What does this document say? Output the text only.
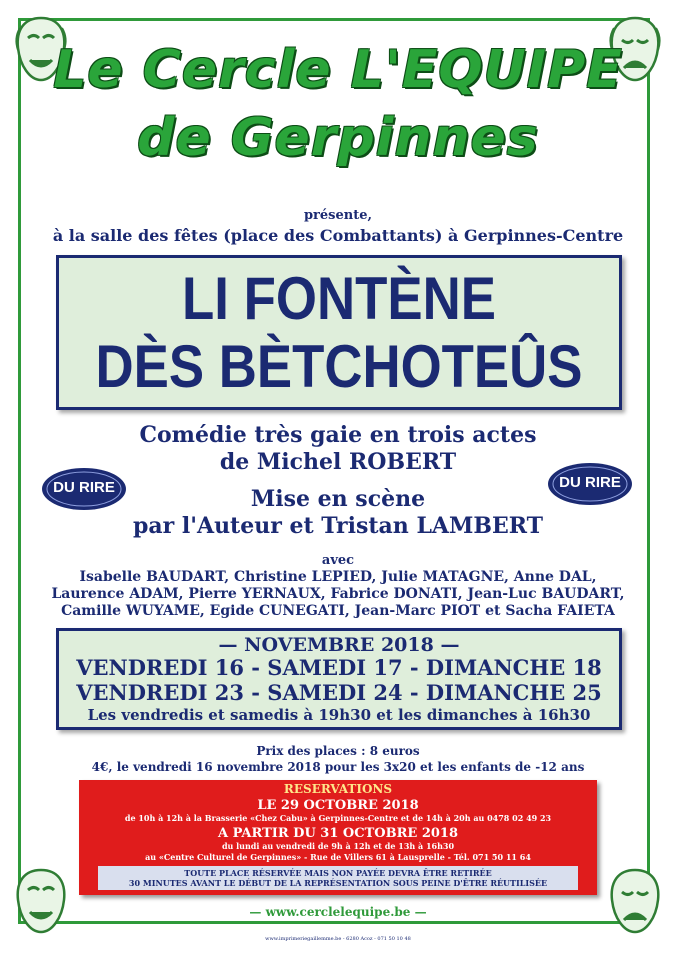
Le Cercle L'EQUIPE
de Gerpinnes
présente,
à la salle des fêtes (place des Combattants) à Gerpinnes-Centre
LI FONTÈNE
DÈS BÈTCHOTEÛS
Comédie très gaie en trois actes
de Michel ROBERT
DU RIRE	DU RIRE
Mise en scène
par l'Auteur et Tristan LAMBERT
avec
Isabelle BAUDART, Christine LEPIED, Julie MATAGNE, Anne DAL,
Laurence ADAM, Pierre YERNAUX, Fabrice DONATI, Jean-Luc BAUDART,
Camille WUYAME, Egide CUNEGATI, Jean-Marc PIOT et Sacha FAIETA
— NOVEMBRE 2018 —
VENDREDI 16 - SAMEDI 17 - DIMANCHE 18
VENDREDI 23 - SAMEDI 24 - DIMANCHE 25
Les vendredis et samedis à 19h30 et les dimanches à 16h30
Prix des places : 8 euros
4€, le vendredi 16 novembre 2018 pour les 3x20 et les enfants de -12 ans
RESERVATIONS
LE 29 OCTOBRE 2018
de 10h à 12h à la Brasserie «Chez Cabu» à Gerpinnes-Centre et de 14h à 20h au 0478 02 49 23
A PARTIR DU 31 OCTOBRE 2018
du lundi au vendredi de 9h à 12h et de 13h à 16h30
au «Centre Culturel de Gerpinnes» - Rue de Villers 61 à Lausprelle - Tél. 071 50 11 64
TOUTE PLACE RÉSERVÉE MAIS NON PAYÉE DEVRA ÊTRE RETIRÉE
30 MINUTES AVANT LE DÉBUT DE LA REPRÉSENTATION SOUS PEINE D'ÊTRE RÉUTILISÉE
— www.cerclelequipe.be —
www.imprimeriegaillemme.be - 6280 Acoz - 071 50 10 48
